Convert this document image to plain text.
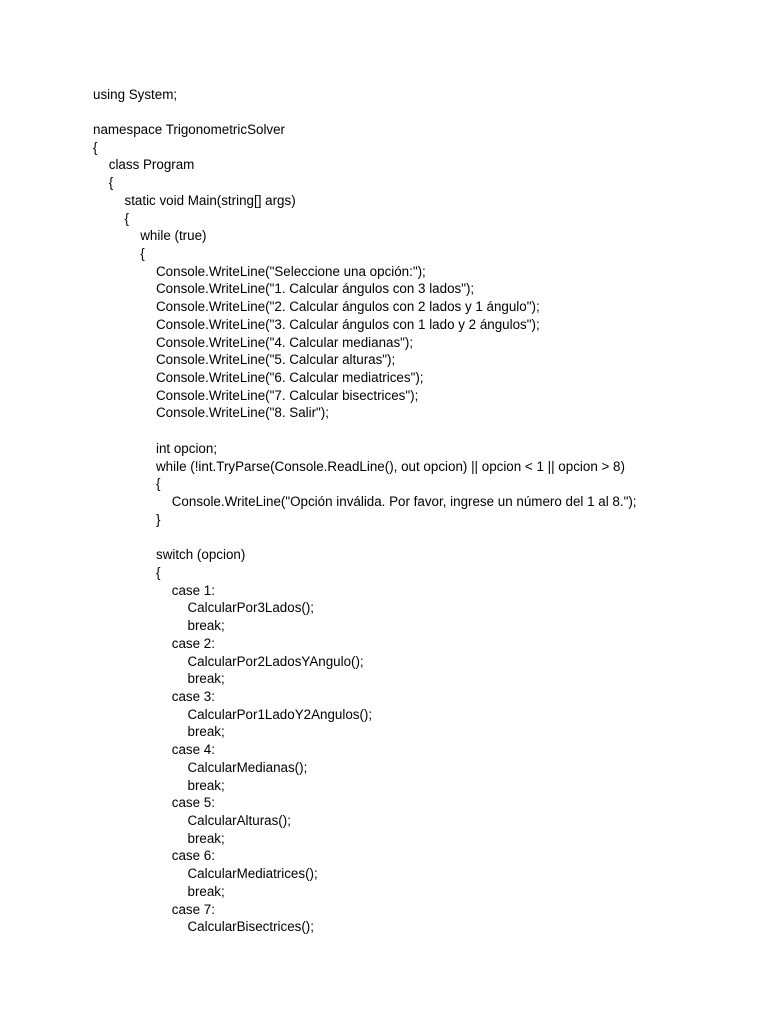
using System;
namespace TrigonometricSolver
{
class Program
{
static void Main(string[] args)
{
while (true)
{
Console.WriteLine("Seleccione una opción:");
Console.WriteLine("1. Calcular ángulos con 3 lados");
Console.WriteLine("2. Calcular ángulos con 2 lados y 1 ángulo");
Console.WriteLine("3. Calcular ángulos con 1 lado y 2 ángulos");
Console.WriteLine("4. Calcular medianas");
Console.WriteLine("5. Calcular alturas");
Console.WriteLine("6. Calcular mediatrices");
Console.WriteLine("7. Calcular bisectrices");
Console.WriteLine("8. Salir");
int opcion;
while (!int.TryParse(Console.ReadLine(), out opcion) || opcion < 1 || opcion > 8)
{
Console.WriteLine("Opción inválida. Por favor, ingrese un número del 1 al 8.");
}
switch (opcion)
{
case 1:
CalcularPor3Lados();
break;
case 2:
CalcularPor2LadosYAngulo();
break;
case 3:
CalcularPor1LadoY2Angulos();
break;
case 4:
CalcularMedianas();
break;
case 5:
CalcularAlturas();
break;
case 6:
CalcularMediatrices();
break;
case 7:
CalcularBisectrices();
